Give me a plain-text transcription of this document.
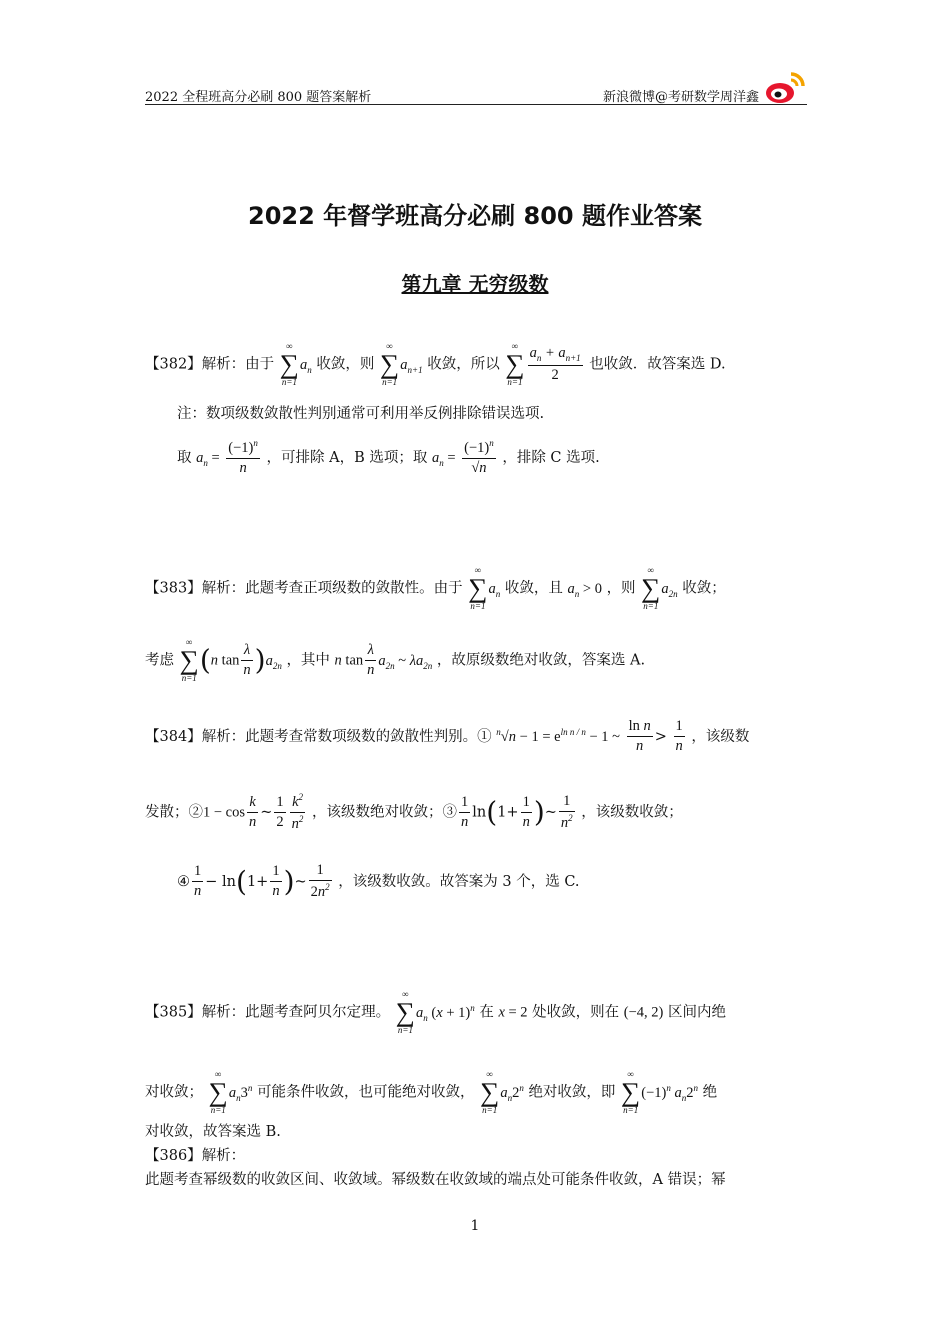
2022 全程班高分必刷 800 题答案解析	新浪微博@考研数学周洋鑫
2022 年督学班高分必刷 800 题作业答案
第九章 无穷级数
【382】解析：由于
∞
∑
n=1
$a_n$ 收敛，则
∞
∑
n=1
$a_{n+1}$ 收敛，所以
∞
∑
$n=1 \frac{a_n + a_{n+1}}{2}$ 也收敛．故答案选 D.
注：数项级数敛散性判别通常可利用举反例排除错误选项.
取 $a_n = \frac{(-1)^n}{n}$ ，可排除 A，B 选项；取 $a_n = \frac{(-1)^n}{√n}$ ，排除 C 选项.
【383】解析：此题考查正项级数的敛散性。由于
∞
∑
n=1
$a_n$ 收敛，且 $a_n > 0$ ，则
∞
∑
n=1
$a_{2n}$ 收敛；
考虑
∞
∑
n=1
(n $\tan \frac{\lambda}{n} )a_{2n}$ ，其中 n $\tan \frac{\lambda}{n} a_{2n}$ ~ $\lambda a_{2n}$ ，故原级数绝对收敛，答案选 A.
【384】解析：此题考查常数项级数的敛散性判别。① $^n√n - 1 = e^{ln n / n} - 1$ ~ $\frac{\text{ln n}}{n} > \frac{1}{n}$ ，该级数
发散；②1 − $\cos \frac{k}{n}$ ~ $\frac{1}{2} \frac{k^2}{n^2}$ ，该级数绝对收敛；③ $\frac{1}{n} \ln(1+ \frac{1}{n}$ )~ $\frac{1}{n^2}$ ，该级数收敛；
④ $\frac{1}{n} - \ln(1+ \frac{1}{n}$ )~ $\frac{1}{2n^2}$ ，该级数收敛。故答案为 3 个，选 C.
【385】解析：此题考查阿贝尔定理。
∞
∑
n=1
$a_n$ $(x + 1)^n$ 在 x = 2 处收敛，则在 (−4, 2) 区间内绝
对收敛；
∞
∑
n=1
$a_n3^n$ 可能条件收敛，也可能绝对收敛，
∞
∑
n=1
$a_n2^n$ 绝对收敛，即
∞
∑
n=1
$(-1)^n$ $a_n2^n$ 绝
对收敛，故答案选 B.
【386】解析：
此题考查幂级数的收敛区间、收敛域。幂级数在收敛域的端点处可能条件收敛，A 错误；幂
1
